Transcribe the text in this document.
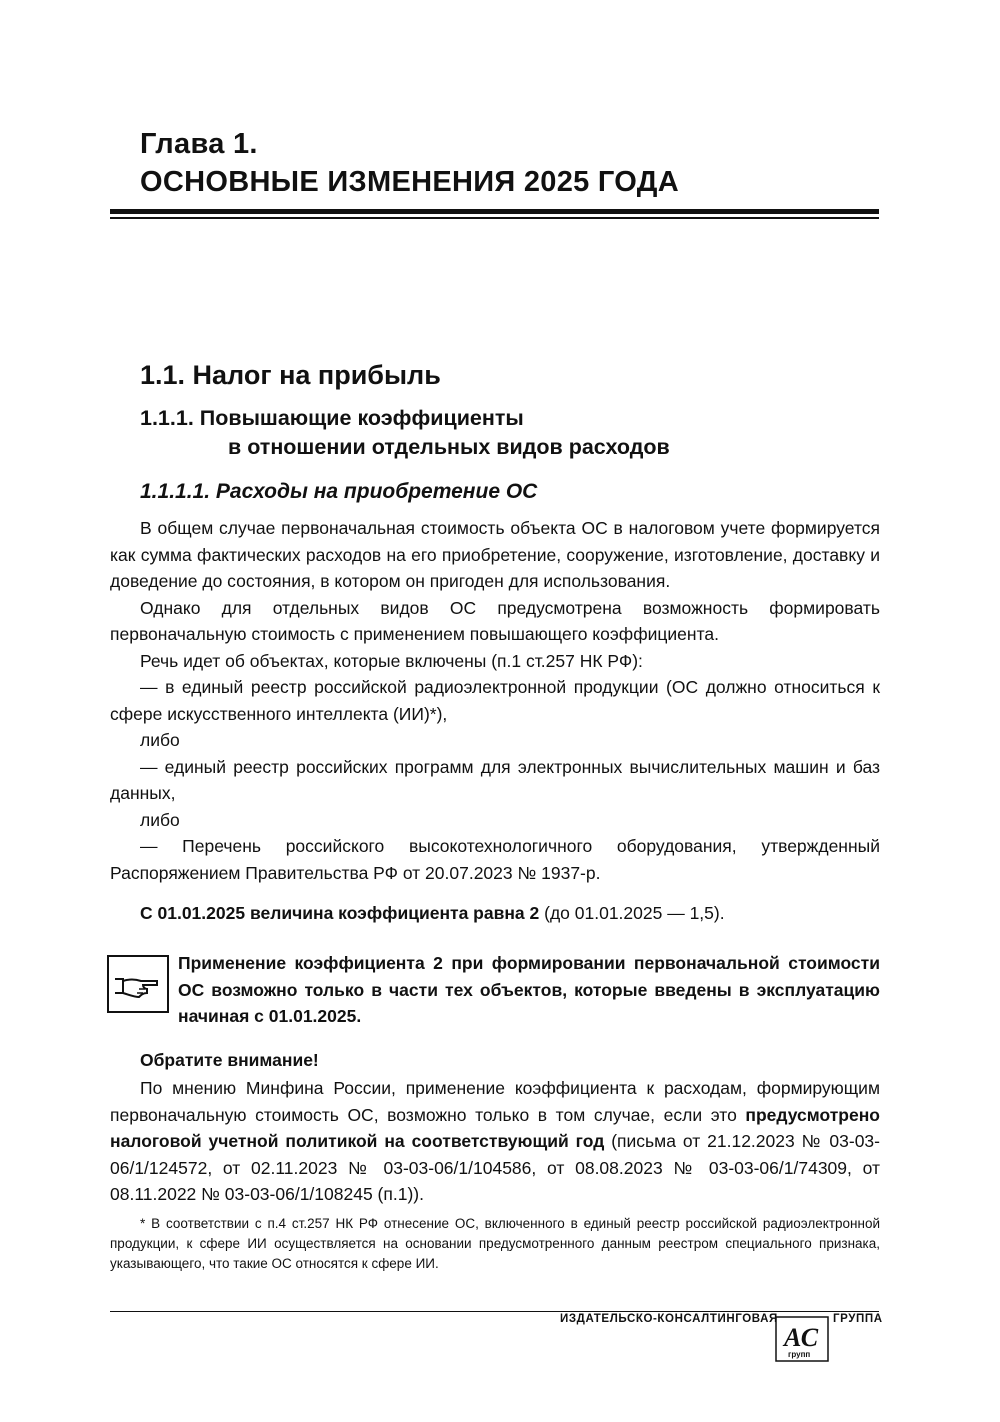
Глава 1.
ОСНОВНЫЕ ИЗМЕНЕНИЯ 2025 ГОДА
1.1. Налог на прибыль
1.1.1. Повышающие коэффициенты
в отношении отдельных видов расходов
1.1.1.1. Расходы на приобретение ОС

В общем случае первоначальная стоимость объекта ОС в налоговом учете формируется как сумма фактических расходов на его приобретение, сооружение, изготовление, доставку и доведение до состояния, в котором он пригоден для использования.

Однако для отдельных видов ОС предусмотрена возможность формировать первоначальную стоимость с применением повышающего коэффициента.

Речь идет об объектах, которые включены (п.1 ст.257 НК РФ):

— в единый реестр российской радиоэлектронной продукции (ОС должно относиться к сфере искусственного интеллекта (ИИ)*),

либо

— единый реестр российских программ для электронных вычислительных машин и баз данных,

либо

— Перечень российского высокотехнологичного оборудования, утвержденный Распоряжением Правительства РФ от 20.07.2023 № 1937-р.

С 01.01.2025 величина коэффициента равна 2 (до 01.01.2025 — 1,5).

Применение коэффициента 2 при формировании первоначальной стоимости ОС возможно только в части тех объектов, которые введены в эксплуатацию начиная с 01.01.2025.
Обратите внимание!

По мнению Минфина России, применение коэффициента к расходам, формирующим первоначальную стоимость ОС, возможно только в том случае, если это предусмотрено налоговой учетной политикой на соответствующий год (письма от 21.12.2023 № 03-03-06/1/124572, от 02.11.2023 № 03-03-06/1/104586, от 08.08.2023 № 03-03-06/1/74309, от 08.11.2022 № 03-03-06/1/108245 (п.1)).

* В соответствии с п.4 ст.257 НК РФ отнесение ОС, включенного в единый реестр российской радиоэлектронной продукции, к сфере ИИ осуществляется на основании предусмотренного данным реестром специального признака, указывающего, что такие ОС относятся к сфере ИИ.
ИЗДАТЕЛЬСКО-КОНСАЛТИНГОВАЯ
АС
групп
ГРУППА
